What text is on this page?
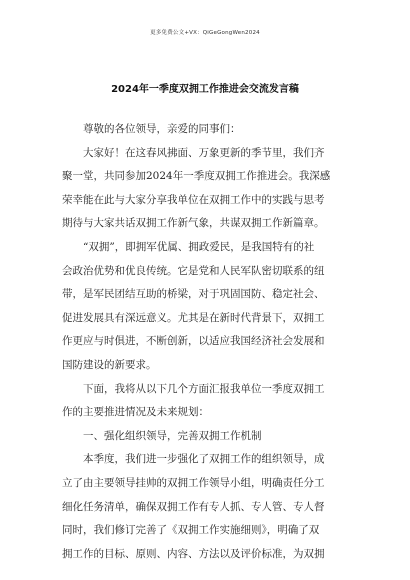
更多免费公文+VX：QiGeGongWen2024
2024年一季度双拥工作推进会交流发言稿
尊敬的各位领导，亲爱的同事们：
大家好！在这春风拂面、万象更新的季节里，我们齐
聚一堂，共同参加2024年一季度双拥工作推进会。我深感
荣幸能在此与大家分享我单位在双拥工作中的实践与思考
期待与大家共话双拥工作新气象，共谋双拥工作新篇章。
“双拥”，即拥军优属、拥政爱民，是我国特有的社
会政治优势和优良传统。它是党和人民军队密切联系的纽
带，是军民团结互助的桥梁，对于巩固国防、稳定社会、
促进发展具有深远意义。尤其是在新时代背景下，双拥工
作更应与时俱进，不断创新，以适应我国经济社会发展和
国防建设的新要求。
下面，我将从以下几个方面汇报我单位一季度双拥工
作的主要推进情况及未来规划：
一、强化组织领导，完善双拥工作机制
本季度，我们进一步强化了双拥工作的组织领导，成
立了由主要领导挂帅的双拥工作领导小组，明确责任分工
细化任务清单，确保双拥工作有专人抓、专人管、专人督
同时，我们修订完善了《双拥工作实施细则》，明确了双
拥工作的目标、原则、内容、方法以及评价标准，为双拥
